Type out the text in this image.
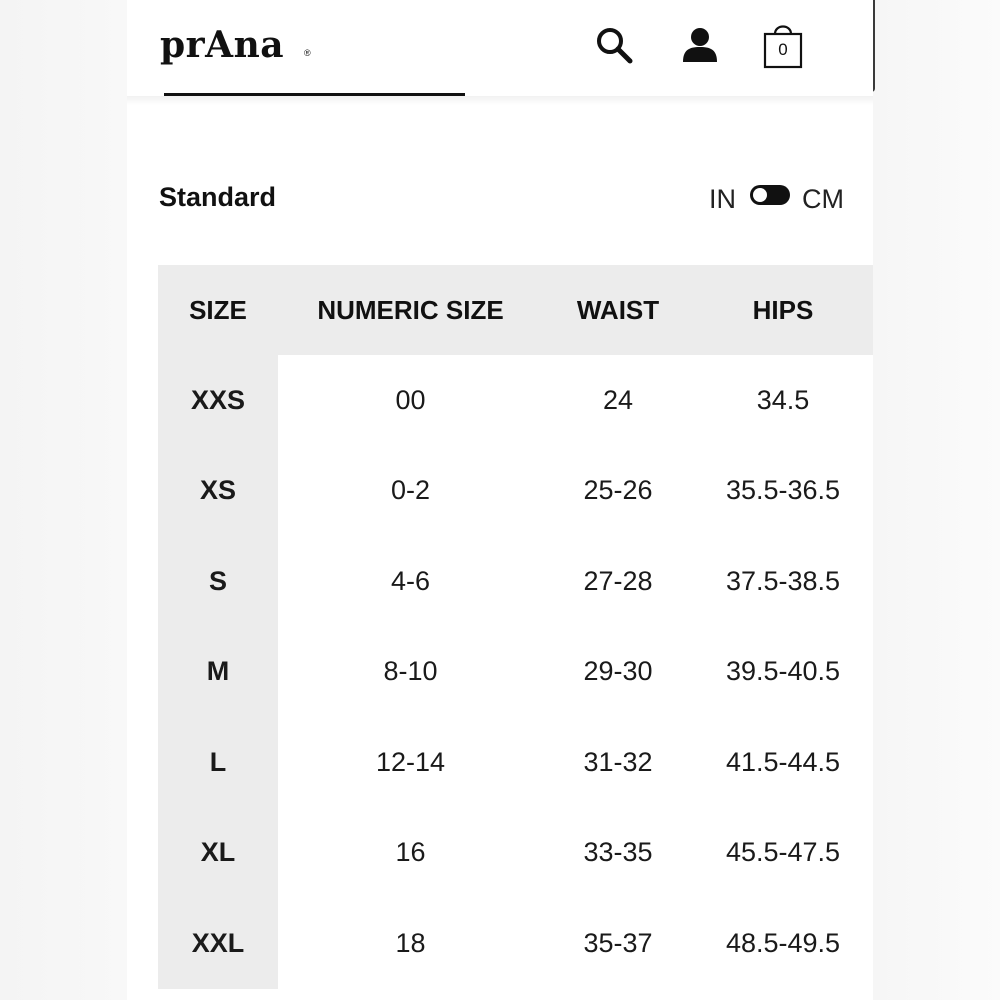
prAna ®	0
Standard	IN CM
SIZE	NUMERIC SIZE	WAIST	HIPS
XXS	00	24	34.5
XS	0-2	25-26	35.5-36.5
S	4-6	27-28	37.5-38.5
M	8-10	29-30	39.5-40.5
L	12-14	31-32	41.5-44.5
XL	16	33-35	45.5-47.5
XXL	18	35-37	48.5-49.5
